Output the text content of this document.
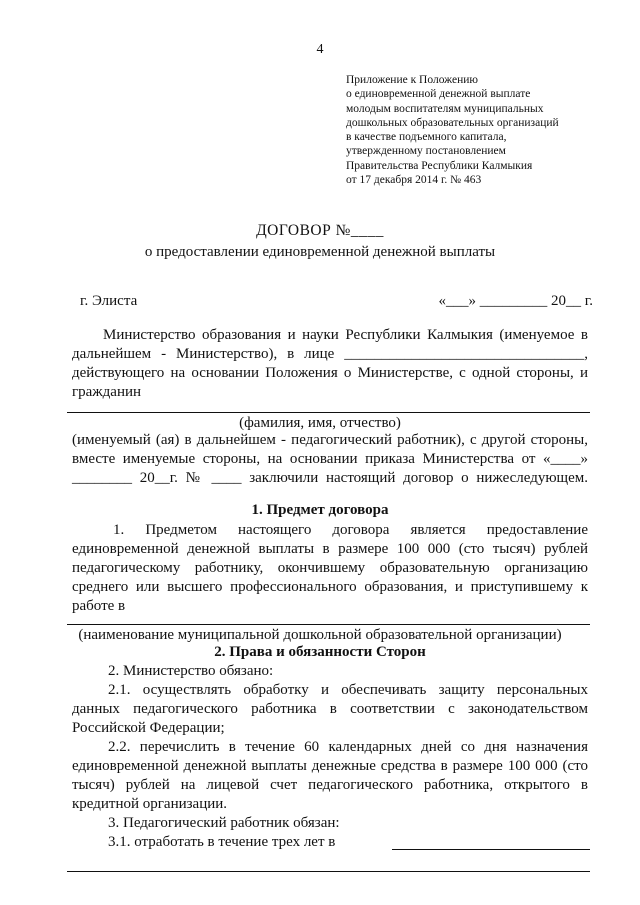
4
Приложение к Положению
о единовременной денежной выплате
молодым воспитателям муниципальных
дошкольных образовательных организаций
в качестве подъемного капитала,
утвержденному постановлением
Правительства Республики Калмыкия
от 17 декабря 2014 г. № 463
ДОГОВОР №____
о предоставлении единовременной денежной выплаты
г. Элиста	«___» _________ 20__ г.
Министерство образования и науки Республики Калмыкия (именуемое в
дальнейшем - Министерство), в лице ________________________________,
действующего на основании Положения о Министерстве, с одной стороны, и
гражданин
(фамилия, имя, отчество)
(именуемый (ая) в дальнейшем - педагогический работник), с другой стороны,
вместе именуемые стороны, на основании приказа Министерства от «____»
________ 20__г. № ____ заключили настоящий договор о нижеследующем.
1. Предмет договора
1. Предметом настоящего договора является предоставление
единовременной денежной выплаты в размере 100 000 (сто тысяч) рублей
педагогическому работнику, окончившему образовательную организацию
среднего или высшего профессионального образования, и приступившему к
работе в
(наименование муниципальной дошкольной образовательной организации)
2. Права и обязанности Сторон
2. Министерство обязано:
2.1. осуществлять обработку и обеспечивать защиту персональных
данных педагогического работника в соответствии с законодательством
Российской Федерации;
2.2. перечислить в течение 60 календарных дней со дня назначения
единовременной денежной выплаты денежные средства в размере 100 000 (сто
тысяч) рублей на лицевой счет педагогического работника, открытого в
кредитной организации.
3. Педагогический работник обязан:
3.1. отработать в течение трех лет в
